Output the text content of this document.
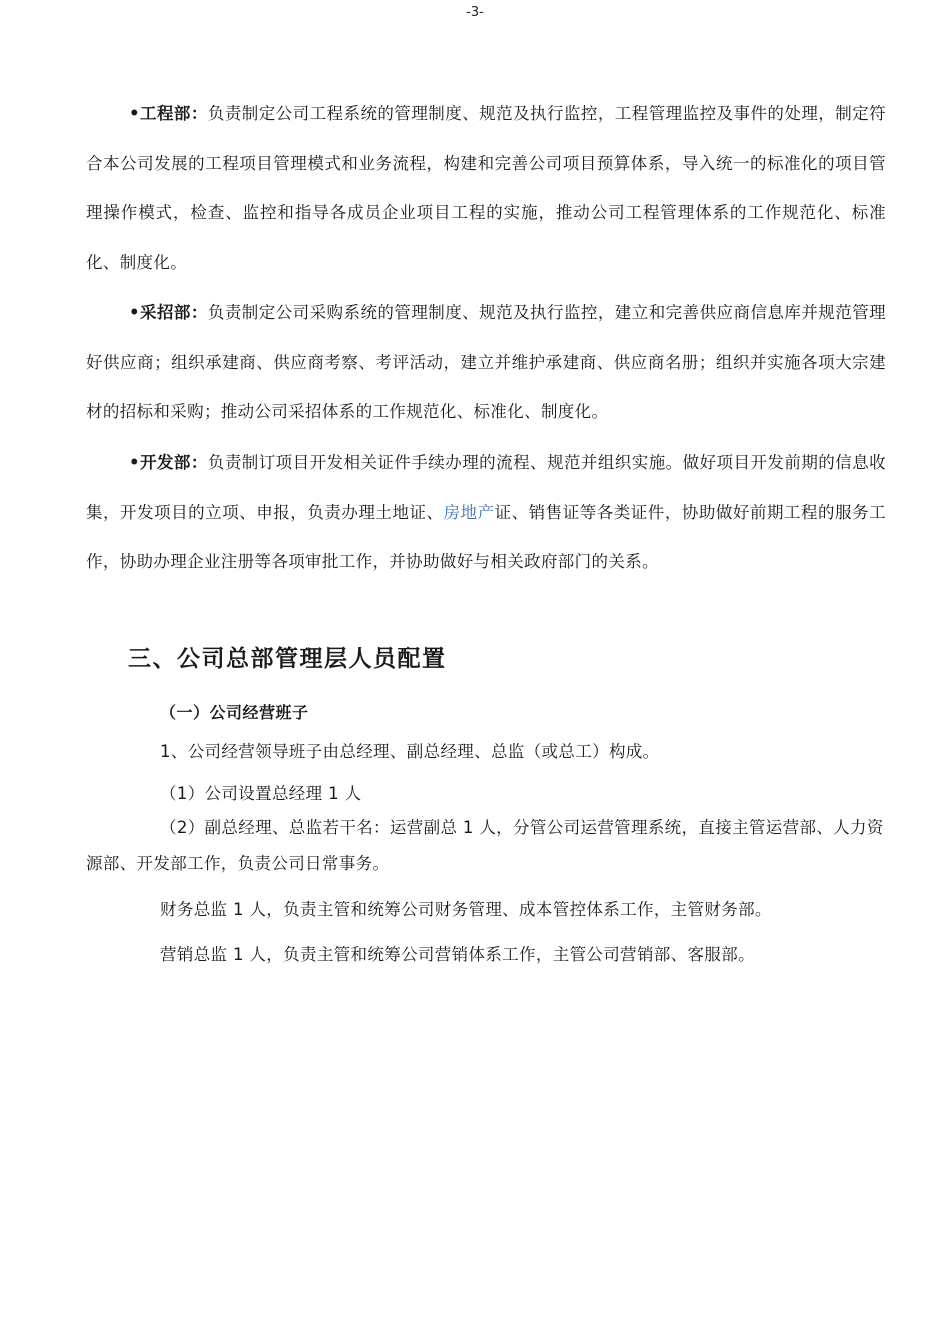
-3-
•工程部：负责制定公司工程系统的管理制度、规范及执行监控，工程管理监控及事件的处理，制定符合本公司发展的工程项目管理模式和业务流程，构建和完善公司项目预算体系，导入统一的标准化的项目管理操作模式，检查、监控和指导各成员企业项目工程的实施，推动公司工程管理体系的工作规范化、标准化、制度化。
•采招部：负责制定公司采购系统的管理制度、规范及执行监控，建立和完善供应商信息库并规范管理好供应商；组织承建商、供应商考察、考评活动，建立并维护承建商、供应商名册；组织并实施各项大宗建材的招标和采购；推动公司采招体系的工作规范化、标准化、制度化。
•开发部：负责制订项目开发相关证件手续办理的流程、规范并组织实施。做好项目开发前期的信息收集，开发项目的立项、申报，负责办理土地证、房地产证、销售证等各类证件，协助做好前期工程的服务工作，协助办理企业注册等各项审批工作，并协助做好与相关政府部门的关系。
三、公司总部管理层人员配置
（一）公司经营班子
1、公司经营领导班子由总经理、副总经理、总监（或总工）构成。
（1）公司设置总经理 1 人
（2）副总经理、总监若干名：运营副总 1 人，分管公司运营管理系统，直接主管运营部、人力资源部、开发部工作，负责公司日常事务。
财务总监 1 人，负责主管和统筹公司财务管理、成本管控体系工作，主管财务部。
营销总监 1 人，负责主管和统筹公司营销体系工作，主管公司营销部、客服部。
